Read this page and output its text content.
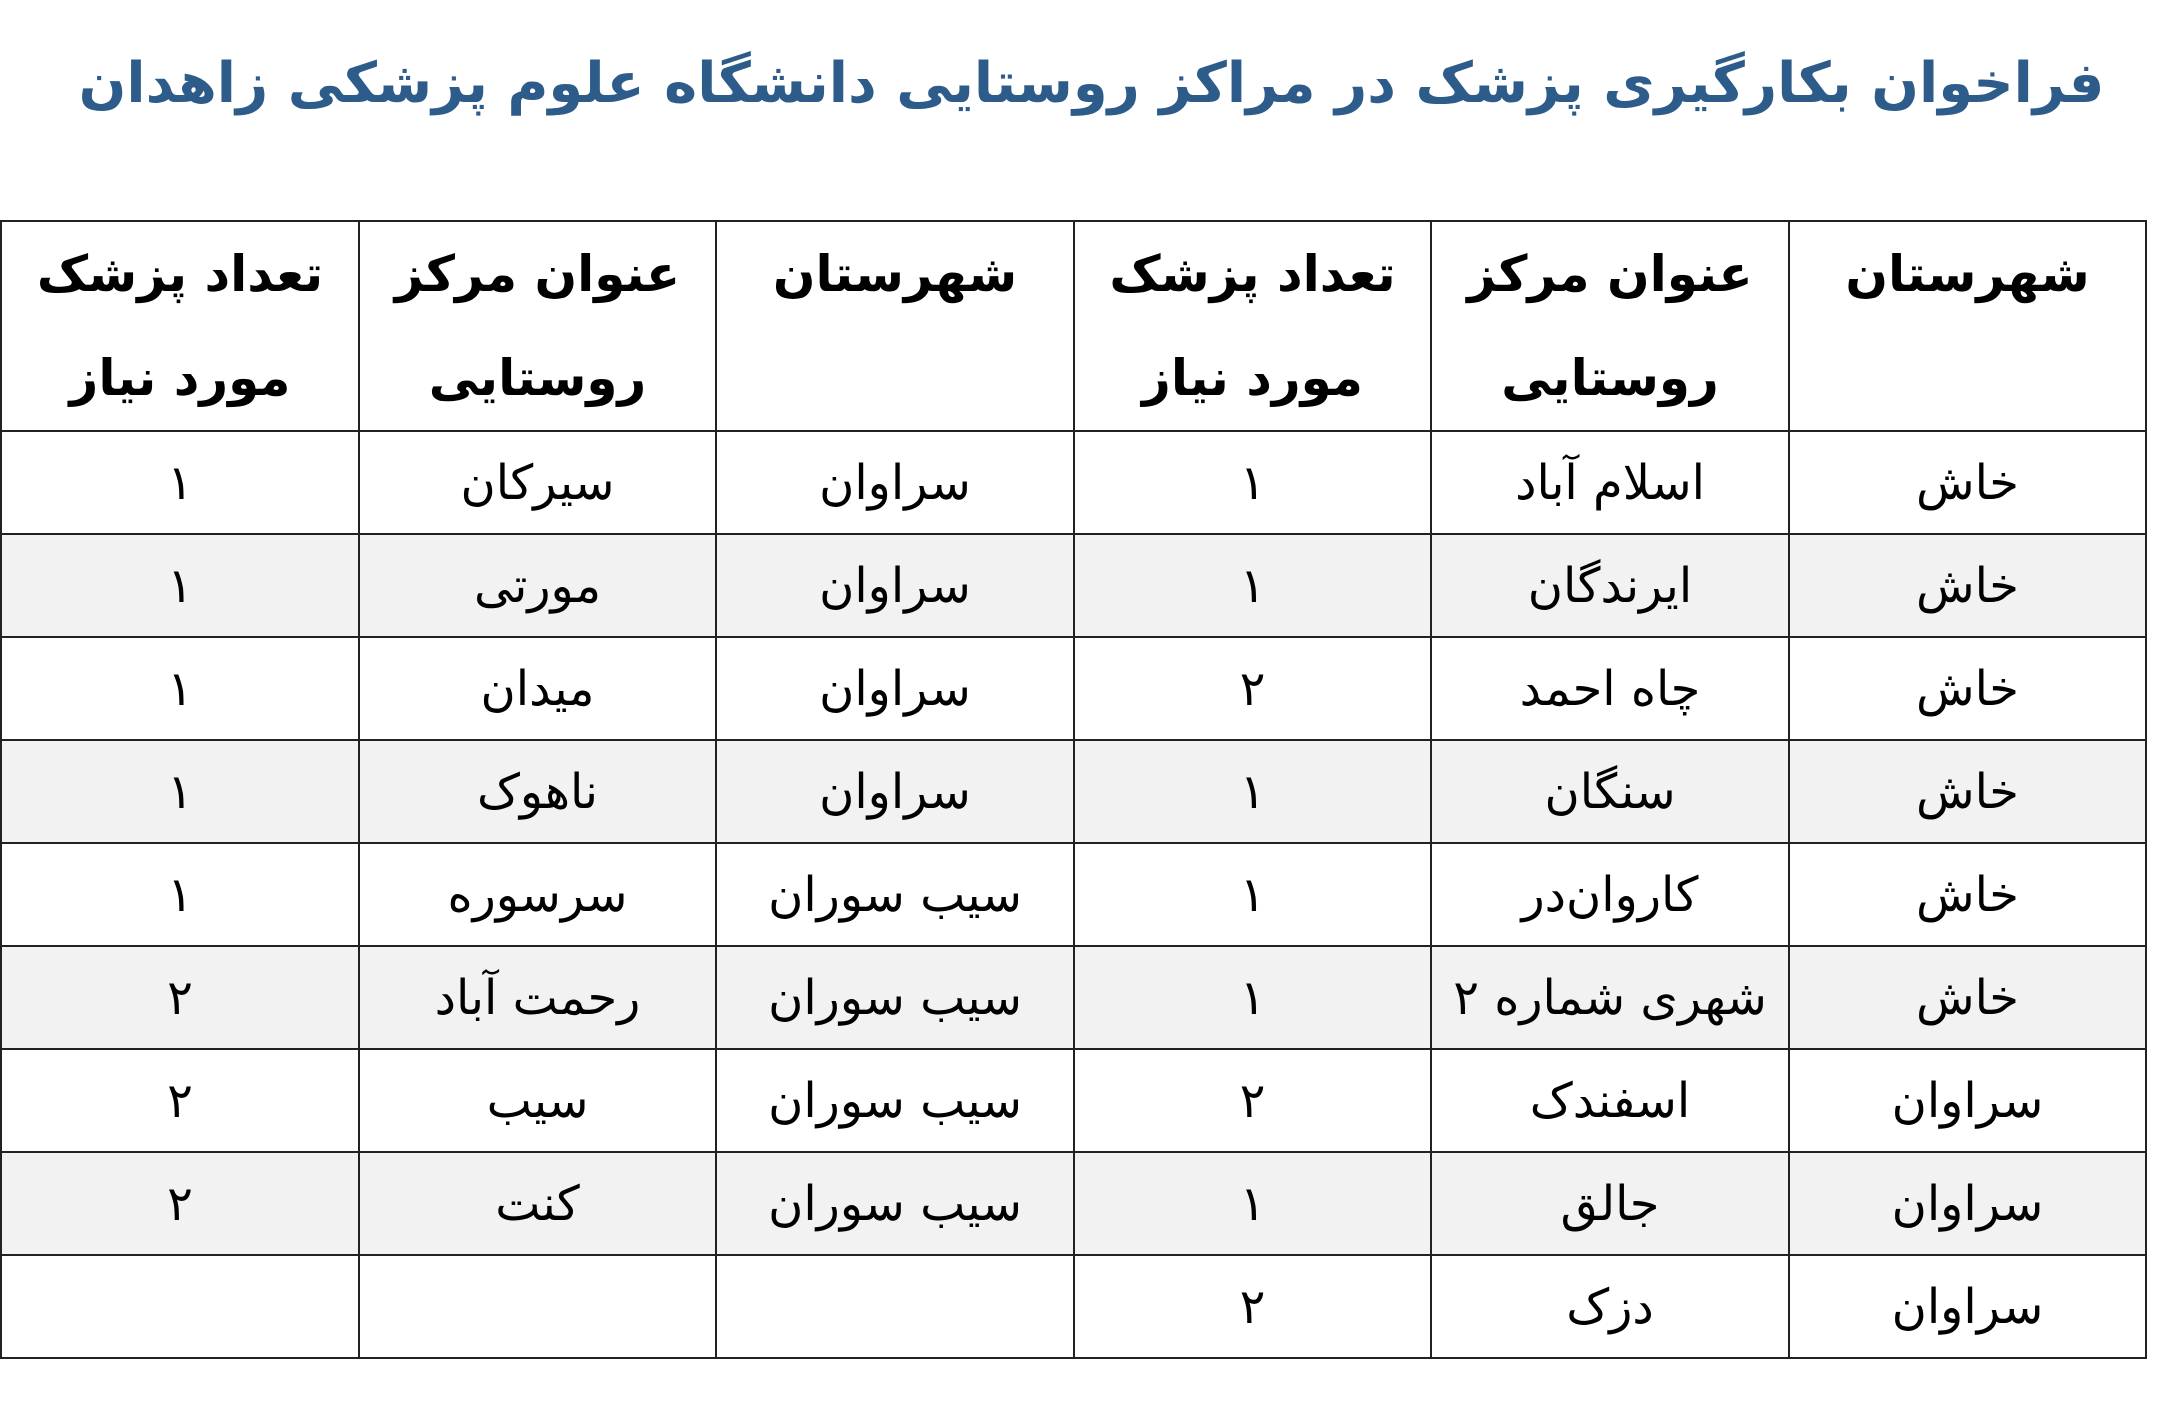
فراخوان بکارگیری پزشک در مراکز روستایی دانشگاه علوم پزشکی زاهدان
شهرستان	عنوان مرکز روستایی	تعداد پزشک مورد نیاز	شهرستان	عنوان مرکز روستایی	تعداد پزشک مورد نیاز
خاش	اسلام آباد	۱	سراوان	سیرکان	۱
خاش	ایرندگان	۱	سراوان	مورتی	۱
خاش	چاه احمد	۲	سراوان	میدان	۱
خاش	سنگان	۱	سراوان	ناهوک	۱
خاش	کاروان‌در	۱	سیب سوران	سرسوره	۱
خاش	شهری شماره ۲	۱	سیب سوران	رحمت آباد	۲
سراوان	اسفندک	۲	سیب سوران	سیب	۲
سراوان	جالق	۱	سیب سوران	کنت	۲
سراوان	دزک	۲			
